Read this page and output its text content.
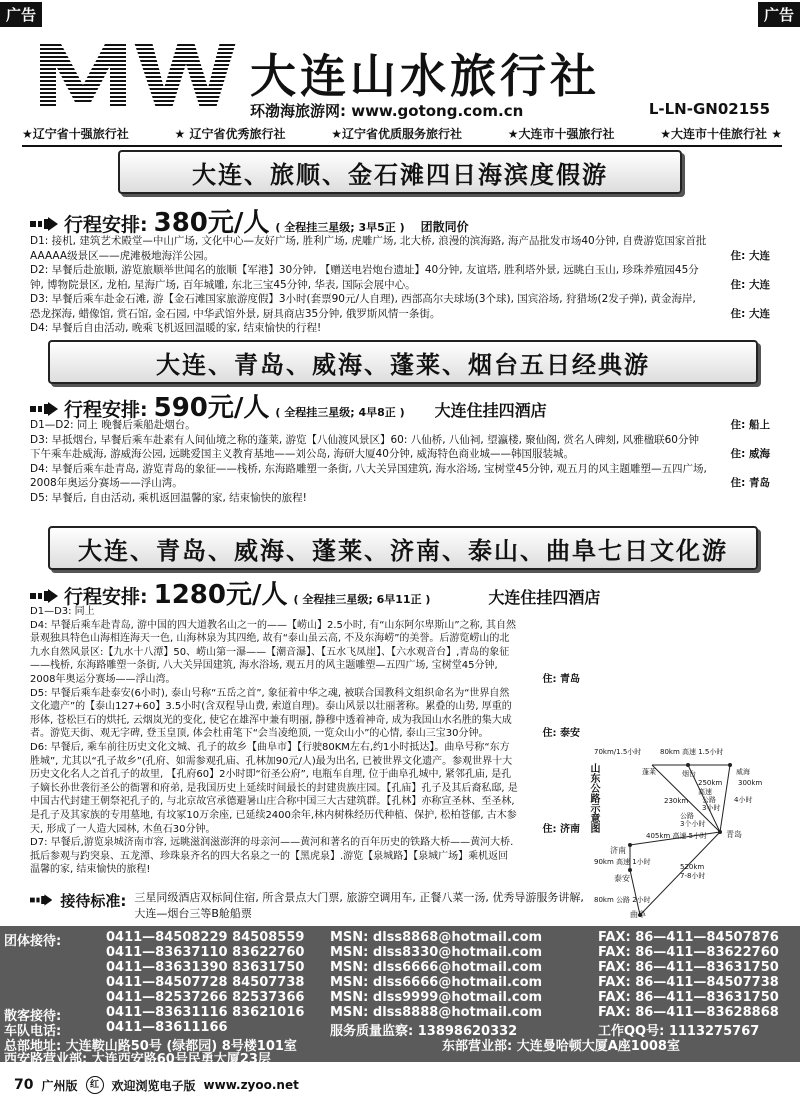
广告	广告
大连山水旅行社
环渤海旅游网: www.gotong.com.cn	L-LN-GN02155
★辽宁省十强旅行社	★ 辽宁省优秀旅行社	★辽宁省优质服务旅行社	★大连市十强旅行社	★大连市十佳旅行社 ★
大连、旅顺、金石滩四日海滨度假游
行程安排: 380元/人 ( 全程挂三星级; 3早5正 ) 团散同价
D1: 接机, 建筑艺术殿堂—中山广场, 文化中心—友好广场, 胜利广场, 虎雕广场, 北大桥, 浪漫的滨海路, 海产品批发市场40分钟, 自费游览国家首批AAAAA级景区——虎滩极地海洋公园。	住: 大连
D2: 早餐后赴旅顺, 游览旅顺举世闻名的旅顺【军港】30分钟, 【赠送电岩炮台遗址】40分钟, 友谊塔, 胜利塔外景, 远眺白玉山, 珍珠养殖园45分钟, 博物院景区, 龙柏, 星海广场, 百年城雕, 东北三宝45分钟, 华表, 国际会展中心。	住: 大连
D3: 早餐后乘车赴金石滩, 游【金石滩国家旅游度假】3小时(套票90元/人自理), 西部高尔夫球场(3个球), 国宾浴场, 狩猎场(2发子弹), 黄金海岸, 恐龙探海, 蜡像馆, 赏石馆, 金石园, 中华武馆外景, 厨具商店35分钟, 俄罗斯风情一条街。	住: 大连
D4: 早餐后自由活动, 晚乘飞机返回温暖的家, 结束愉快的行程!
大连、青岛、威海、蓬莱、烟台五日经典游
行程安排: 590元/人 ( 全程挂三星级; 4早8正 ) 大连住挂四酒店
D1—D2: 同上 晚餐后乘船赴烟台。	住: 船上
D3: 早抵烟台, 早餐后乘车赴素有人间仙境之称的蓬莱, 游览【八仙渡风景区】60: 八仙桥, 八仙祠, 望瀛楼, 聚仙阁, 赏名人碑刻, 风雅楹联60分钟下午乘车赴威海, 游威海公园, 远眺爱国主义教育基地——刘公岛, 海研大厦40分钟, 威海特色商业城——韩国服装城。	住: 威海
D4: 早餐后乘车赴青岛, 游览青岛的象征——栈桥, 东海路雕塑一条街, 八大关异国建筑, 海水浴场, 宝树堂45分钟, 观五月的风主题雕塑—五四广场, 2008年奥运分赛场——浮山湾。	住: 青岛
D5: 早餐后, 自由活动, 乘机返回温馨的家, 结束愉快的旅程!
大连、青岛、威海、蓬莱、济南、泰山、曲阜七日文化游
行程安排: 1280元/人 ( 全程挂三星级; 6早11正 )	大连住挂四酒店
D1—D3: 同上
D4: 早餐后乘车赴青岛, 游中国的四大道教名山之一的——【崂山】2.5小时, 有“山东阿尔卑斯山”之称, 其自然景观独具特色山海相连海天一色, 山海林泉为其四绝, 故有“泰山虽云高, 不及东海崂”的美誉。后游览崂山的北九水自然风景区:【九水十八潭】50、崂山第一瀑——【潮音瀑】、【五水飞凤崖】、【六水观音台】,青岛的象征——栈桥, 东海路雕塑一条街, 八大关异国建筑, 海水浴场, 观五月的风主题雕塑—五四广场, 宝树堂45分钟, 2008年奥运分赛场——浮山湾。	住: 青岛
D5: 早餐后乘车赴泰安(6小时), 泰山号称“五岳之首”, 象征着中华之魂, 被联合国教科文组织命名为“世界自然文化遗产”的【泰山127+60】3.5小时(含双程导山费, 索道自理)。泰山风景以壮丽著称。累叠的山势, 厚重的形体, 苍松巨石的烘托, 云烟岚光的变化, 使它在雄浑中兼有明丽, 静穆中透着神奇, 成为我国山水名胜的集大成者。游览天街、观无字碑, 登玉皇顶, 体会杜甫笔下“会当凌绝顶, 一览众山小”的心情, 泰山三宝30分钟。	住: 泰安
D6: 早餐后, 乘车前往历史文化文城、孔子的故乡【曲阜市】【行驶80KM左右,约1小时抵达】。曲阜号称“东方胜城”, 尤其以“孔子故乡”(孔府、如需参观孔庙、孔林加90元/人)最为出名, 已被世界文化遗产。参观世界十大历史文化名人之首孔子的故里, 【孔府60】2小时即“衍圣公府”, 电瓶车自理, 位于曲阜孔城中, 紧邻孔庙, 是孔子嫡长孙世袭衍圣公的衙署和府弟, 是我国历史上延续时间最长的封建贵族庄园。【孔庙】孔子及其后裔私邸, 是中国古代封建王朝祭祀孔子的, 与北京故宫承德避暑山庄合称中国三大古建筑群。【孔林】亦称宣圣林、至圣林, 是孔子及其家族的专用墓地, 有坟冢10万余座, 已延续2400余年,林内树株经历代种植、保护, 松柏苍郁, 古木参天, 形成了一人造大园林, 木鱼石30分钟。	住: 济南
D7: 早餐后,游览泉城济南市容, 远眺滋润滋澎湃的母亲河——黄河和著名的百年历史的铁路大桥——黄河大桥.抵后参观与趵突泉、五龙潭、珍珠泉齐名的四大名泉之一的【黑虎泉】.游览【泉城路】【泉城广场】乘机返回温馨的家, 结束愉快的旅程!
山东公路示意图
70km/1.5小时	80km 高速 1.5小时
蓬莱	烟台	威海
250km 300km
高速
230km 公路
3小时
4小时
公路
3个小时
青岛
405km 高速 5小时
济南
90km 高速 1小时
520km
7-8小时
泰安
80km 公路 2小时
曲阜
接待标准: 三星同级酒店双标间住宿, 所含景点大门票, 旅游空调用车, 正餐八菜一汤, 优秀导游服务讲解, 大连—烟台三等B舱船票
团体接待:	0411—84508229 84508559 MSN: dlss8868@hotmail.com	FAX: 86—411—84507876
0411—83637110 83622760 MSN: dlss8330@hotmail.com	FAX: 86—411—83622760
0411—83631390 83631750 MSN: dlss6666@hotmail.com	FAX: 86—411—83631750
0411—84507728 84507738 MSN: dlss6666@hotmail.com	FAX: 86—411—84507738
0411—82537266 82537366 MSN: dlss9999@hotmail.com	FAX: 86—411—83631750
散客接待:	0411—83631116 83621016 MSN: dlss8888@hotmail.com	FAX: 86—411—83628868
车队电话:	0411—83611166	服务质量监察: 13898620332	工作QQ号: 1113275767
总部地址: 大连鞍山路50号 (绿都园) 8号楼101室	东部营业部: 大连曼哈顿大厦A座1008室
西安路营业部: 大连西安路60号民勇大厦23层
70 广州版	红	欢迎浏览电子版 www.zyoo.net
